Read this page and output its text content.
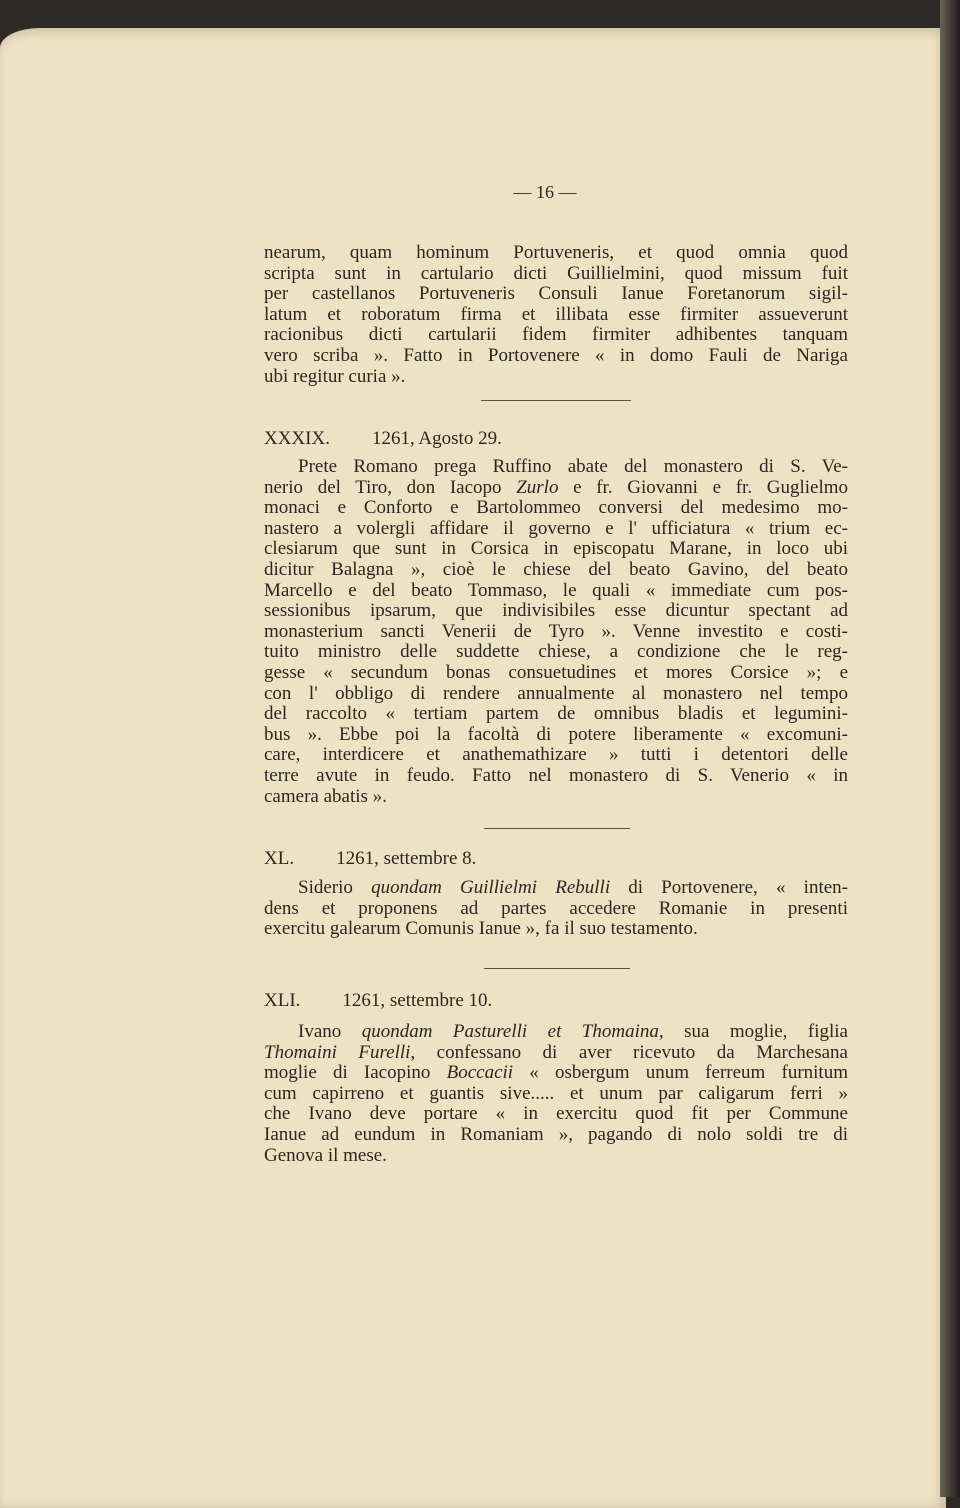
— 16 —
nearum, quam hominum Portuveneris, et quod omnia quod
scripta sunt in cartulario dicti Guillielmini, quod missum fuit
per castellanos Portuveneris Consuli Ianue Foretanorum sigil-
latum et roboratum firma et illibata esse firmiter assueverunt
racionibus dicti cartularii fidem firmiter adhibentes tanquam
vero scriba ». Fatto in Portovenere « in domo Fauli de Nariga
ubi regitur curia ».
XXXIX. 1261, Agosto 29.
Prete Romano prega Ruffino abate del monastero di S. Ve-
nerio del Tiro, don Iacopo Zurlo e fr. Giovanni e fr. Guglielmo
monaci e Conforto e Bartolommeo conversi del medesimo mo-
nastero a volergli affidare il governo e l' ufficiatura « trium ec-
clesiarum que sunt in Corsica in episcopatu Marane, in loco ubi
dicitur Balagna », cioè le chiese del beato Gavino, del beato
Marcello e del beato Tommaso, le quali « immediate cum pos-
sessionibus ipsarum, que indivisibiles esse dicuntur spectant ad
monasterium sancti Venerii de Tyro ». Venne investito e costi-
tuito ministro delle suddette chiese, a condizione che le reg-
gesse « secundum bonas consuetudines et mores Corsice »; e
con l' obbligo di rendere annualmente al monastero nel tempo
del raccolto « tertiam partem de omnibus bladis et legumini-
bus ». Ebbe poi la facoltà di potere liberamente « excomuni-
care, interdicere et anathemathizare » tutti i detentori delle
terre avute in feudo. Fatto nel monastero di S. Venerio « in
camera abatis ».
XL. 1261, settembre 8.
Siderio quondam Guillielmi Rebulli di Portovenere, « inten-
dens et proponens ad partes accedere Romanie in presenti
exercitu galearum Comunis Ianue », fa il suo testamento.
XLI. 1261, settembre 10.
Ivano quondam Pasturelli et Thomaina, sua moglie, figlia
Thomaini Furelli, confessano di aver ricevuto da Marchesana
moglie di Iacopino Boccacii « osbergum unum ferreum furnitum
cum capirreno et guantis sive..... et unum par caligarum ferri »
che Ivano deve portare « in exercitu quod fit per Commune
Ianue ad eundum in Romaniam », pagando di nolo soldi tre di
Genova il mese.
